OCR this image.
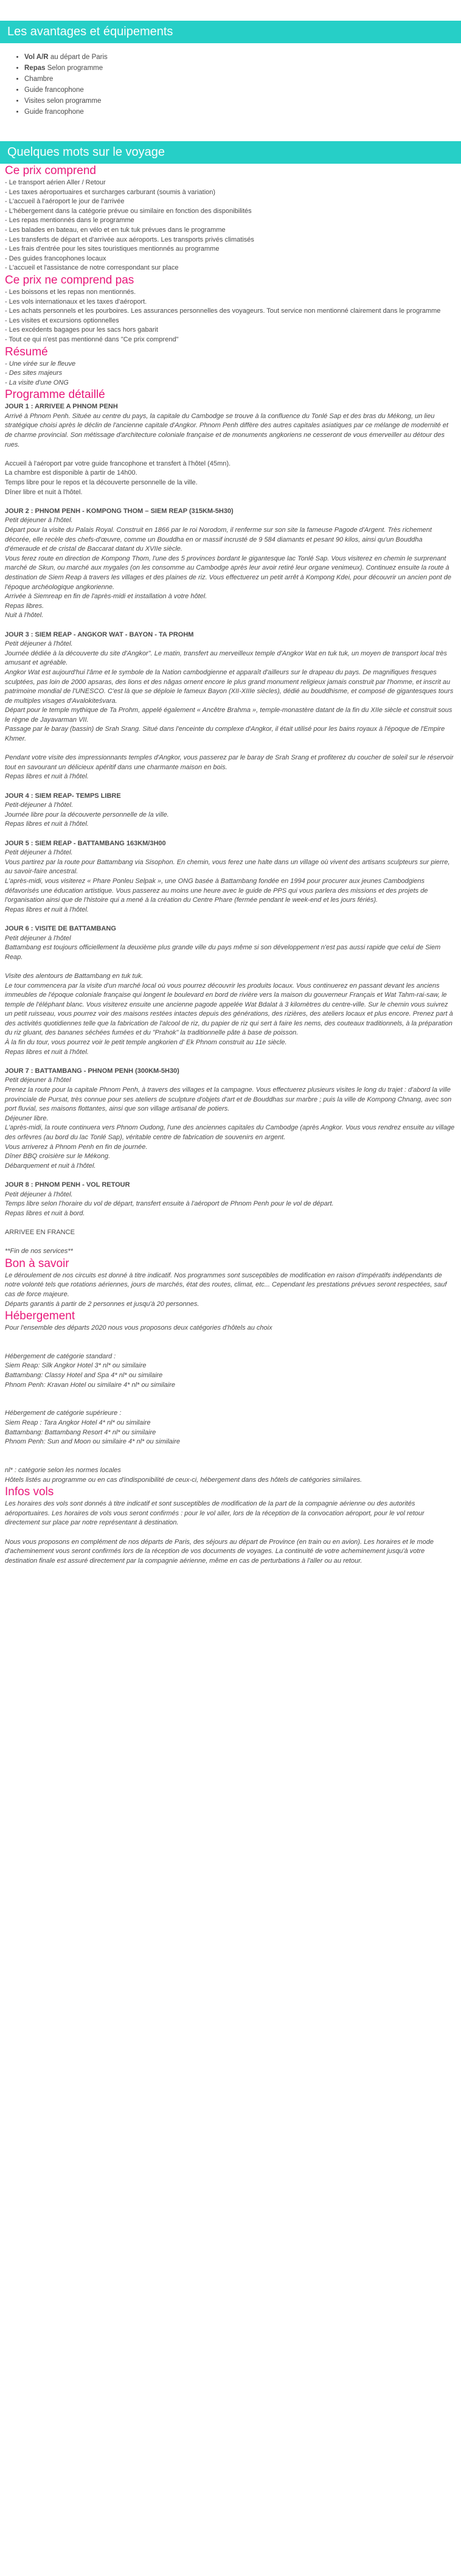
Les avantages et équipements
• Vol A/R au départ de Paris
• Repas Selon programme
• Chambre
• Guide francophone
• Visites selon programme
• Guide francophone
Quelques mots sur le voyage
Ce prix comprend
- Le transport aérien Aller / Retour
- Les taxes aéroportuaires et surcharges carburant (soumis à variation)
- L'accueil à l'aéroport le jour de l'arrivée
- L'hébergement dans la catégorie prévue ou similaire en fonction des disponibilités
- Les repas mentionnés dans le programme
- Les balades en bateau, en vélo et en tuk tuk prévues dans le programme
- Les transferts de départ et d'arrivée aux aéroports. Les transports privés climatisés
- Les frais d'entrée pour les sites touristiques mentionnés au programme
- Des guides francophones locaux
- L'accueil et l'assistance de notre correspondant sur place
Ce prix ne comprend pas
- Les boissons et les repas non mentionnés.
- Les vols internationaux et les taxes d'aéroport.
- Les achats personnels et les pourboires. Les assurances personnelles des voyageurs. Tout service non mentionné clairement dans le programme
- Les visites et excursions optionnelles
- Les excédents bagages pour les sacs hors gabarit
- Tout ce qui n'est pas mentionné dans "Ce prix comprend"
Résumé
- Une virée sur le fleuve
- Des sites majeurs
- La visite d'une ONG
Programme détaillé
JOUR 1 : ARRIVEE A PHNOM PENH
Arrivé à Phnom Penh. Située au centre du pays, la capitale du Cambodge se trouve à la confluence du Tonlé Sap et des bras du Mékong, un lieu stratégique choisi après le déclin de l'ancienne capitale d'Angkor. Phnom Penh diffère des autres capitales asiatiques par ce mélange de modernité et de charme provincial. Son métissage d'architecture coloniale française et de monuments angkoriens ne cesseront de vous émerveiller au détour des rues.
Accueil à l'aéroport par votre guide francophone et transfert à l'hôtel (45mn).
La chambre est disponible à partir de 14h00.
Temps libre pour le repos et la découverte personnelle de la ville.
Dîner libre et nuit à l'hôtel.
JOUR 2 : PHNOM PENH - KOMPONG THOM – SIEM REAP (315KM-5H30)
Petit déjeuner à l'hôtel.
Départ pour la visite du Palais Royal. Construit en 1866 par le roi Norodom, il renferme sur son site la fameuse Pagode d'Argent. Très richement décorée, elle recèle des chefs-d'œuvre, comme un Bouddha en or massif incrusté de 9 584 diamants et pesant 90 kilos, ainsi qu'un Bouddha d'émeraude et de cristal de Baccarat datant du XVIIe siècle.
Vous ferez route en direction de Kompong Thom, l'une des 5 provinces bordant le gigantesque lac Tonlé Sap. Vous visiterez en chemin le surprenant marché de Skun, ou marché aux mygales (on les consomme au Cambodge après leur avoir retiré leur organe venimeux). Continuez ensuite la route à destination de Siem Reap à travers les villages et des plaines de riz. Vous effectuerez un petit arrêt à Kompong Kdei, pour découvrir un ancien pont de l'époque archéologique angkorienne.
Arrivée à Siemreap en fin de l'après-midi et installation à votre hôtel.
Repas libres.
Nuit à l'hôtel.
JOUR 3 : SIEM REAP - ANGKOR WAT - BAYON - TA PROHM
Petit déjeuner à l'hôtel.
Journée dédiée à la découverte du site d'Angkor". Le matin, transfert au merveilleux temple d'Angkor Wat en tuk tuk, un moyen de transport local très amusant et agréable.
Angkor Wat est aujourd'hui l'âme et le symbole de la Nation cambodgienne et apparaît d'ailleurs sur le drapeau du pays. De magnifiques fresques sculptées, pas loin de 2000 apsaras, des lions et des nâgas ornent encore le plus grand monument religieux jamais construit par l'homme, et inscrit au patrimoine mondial de l'UNESCO. C'est là que se déploie le fameux Bayon (XII-XIIIe siècles), dédié au bouddhisme, et composé de gigantesques tours de multiples visages d'Avalokiteśvara.
Départ pour le temple mythique de Ta Prohm, appelé également « Ancêtre Brahma », temple-monastère datant de la fin du XIIe siècle et construit sous le règne de Jayavarman VII.
Passage par le baray (bassin) de Srah Srang. Situé dans l'enceinte du complexe d'Angkor, il était utilisé pour les bains royaux à l'époque de l'Empire Khmer.
Pendant votre visite des impressionnants temples d'Angkor, vous passerez par le baray de Srah Srang et profiterez du coucher de soleil sur le réservoir tout en savourant un délicieux apéritif dans une charmante maison en bois.
Repas libres et nuit à l'hôtel.
JOUR 4 : SIEM REAP- TEMPS LIBRE
Petit-déjeuner à l'hôtel.
Journée libre pour la découverte personnelle de la ville.
Repas libres et nuit à l'hôtel.
JOUR 5 : SIEM REAP - BATTAMBANG 163KM/3H00
Petit déjeuner à l'hôtel.
Vous partirez par la route pour Battambang via Sisophon. En chemin, vous ferez une halte dans un village où vivent des artisans sculpteurs sur pierre, au savoir-faire ancestral.
L'après-midi, vous visiterez « Phare Ponleu Selpak », une ONG basée à Battambang fondée en 1994 pour procurer aux jeunes Cambodgiens défavorisés une éducation artistique. Vous passerez au moins une heure avec le guide de PPS qui vous parlera des missions et des projets de l'organisation ainsi que de l'histoire qui a mené à la création du Centre Phare (fermée pendant le week-end et les jours fériés).
Repas libres et nuit à l'hôtel.
JOUR 6 : VISITE DE BATTAMBANG
Petit déjeuner à l'hôtel
Battambang est toujours officiellement la deuxième plus grande ville du pays même si son développement n'est pas aussi rapide que celui de Siem Reap.
Visite des alentours de Battambang en tuk tuk.
Le tour commencera par la visite d'un marché local où vous pourrez découvrir les produits locaux. Vous continuerez en passant devant les anciens immeubles de l'époque coloniale française qui longent le boulevard en bord de rivière vers la maison du gouverneur Français et Wat Tahm-rai-saw, le temple de l'éléphant blanc. Vous visiterez ensuite une ancienne pagode appelée Wat Bdalat à 3 kilomètres du centre-ville. Sur le chemin vous suivrez un petit ruisseau, vous pourrez voir des maisons restées intactes depuis des générations, des rizières, des ateliers locaux et plus encore. Prenez part à des activités quotidiennes telle que la fabrication de l'alcool de riz, du papier de riz qui sert à faire les nems, des couteaux traditionnels, à la préparation du riz gluant, des bananes séchées fumées et du "Prahok" la traditionnelle pâte à base de poisson.
À la fin du tour, vous pourrez voir le petit temple angkorien d' Ek Phnom construit au 11e siècle.
Repas libres et nuit à l'hôtel.
JOUR 7 : BATTAMBANG - PHNOM PENH (300KM-5H30)
Petit déjeuner à l'hôtel
Prenez la route pour la capitale Phnom Penh, à travers des villages et la campagne. Vous effectuerez plusieurs visites le long du trajet : d'abord la ville provinciale de Pursat, très connue pour ses ateliers de sculpture d'objets d'art et de Bouddhas sur marbre ; puis la ville de Kompong Chnang, avec son port fluvial, ses maisons flottantes, ainsi que son village artisanal de potiers.
Déjeuner libre.
L'après-midi, la route continuera vers Phnom Oudong, l'une des anciennes capitales du Cambodge (après Angkor. Vous vous rendrez ensuite au village des orfèvres (au bord du lac Tonlé Sap), véritable centre de fabrication de souvenirs en argent.
Vous arriverez à Phnom Penh en fin de journée.
Dîner BBQ croisière sur le Mékong.
Débarquement et nuit à l'hôtel.
JOUR 8 : PHNOM PENH - VOL RETOUR
Petit déjeuner à l'hôtel.
Temps libre selon l'horaire du vol de départ, transfert ensuite à l'aéroport de Phnom Penh pour le vol de départ.
Repas libres et nuit à bord.
ARRIVEE EN FRANCE
**Fin de nos services**
Bon à savoir
Le déroulement de nos circuits est donné à titre indicatif. Nos programmes sont susceptibles de modification en raison d'impératifs indépendants de notre volonté tels que rotations aériennes, jours de marchés, état des routes, climat, etc... Cependant les prestations prévues seront respectées, sauf cas de force majeure.
Départs garantis à partir de 2 personnes et jusqu'à 20 personnes.
Hébergement
Pour l'ensemble des départs 2020 nous vous proposons deux catégories d'hôtels au choix
Hébergement de catégorie standard :
Siem Reap: Silk Angkor Hotel 3* nl* ou similaire
Battambang: Classy Hotel and Spa 4* nl* ou similaire
Phnom Penh: Kravan Hotel ou similaire 4* nl* ou similaire
Hébergement de catégorie supérieure :
Siem Reap : Tara Angkor Hotel 4* nl* ou similaire
Battambang: Battambang Resort 4* nl* ou similaire
Phnom Penh: Sun and Moon ou similaire 4* nl* ou similaire
nl* : catégorie selon les normes locales
Hôtels listés au programme ou en cas d'indisponibilité de ceux-ci, hébergement dans des hôtels de catégories similaires.
Infos vols
Les horaires des vols sont donnés à titre indicatif et sont susceptibles de modification de la part de la compagnie aérienne ou des autorités aéroportuaires. Les horaires de vols vous seront confirmés : pour le vol aller, lors de la réception de la convocation aéroport, pour le vol retour directement sur place par notre représentant à destination.
Nous vous proposons en complément de nos départs de Paris, des séjours au départ de Province (en train ou en avion). Les horaires et le mode d'acheminement vous seront confirmés lors de la réception de vos documents de voyages. La continuité de votre acheminement jusqu'à votre destination finale est assuré directement par la compagnie aérienne, même en cas de perturbations à l'aller ou au retour.
